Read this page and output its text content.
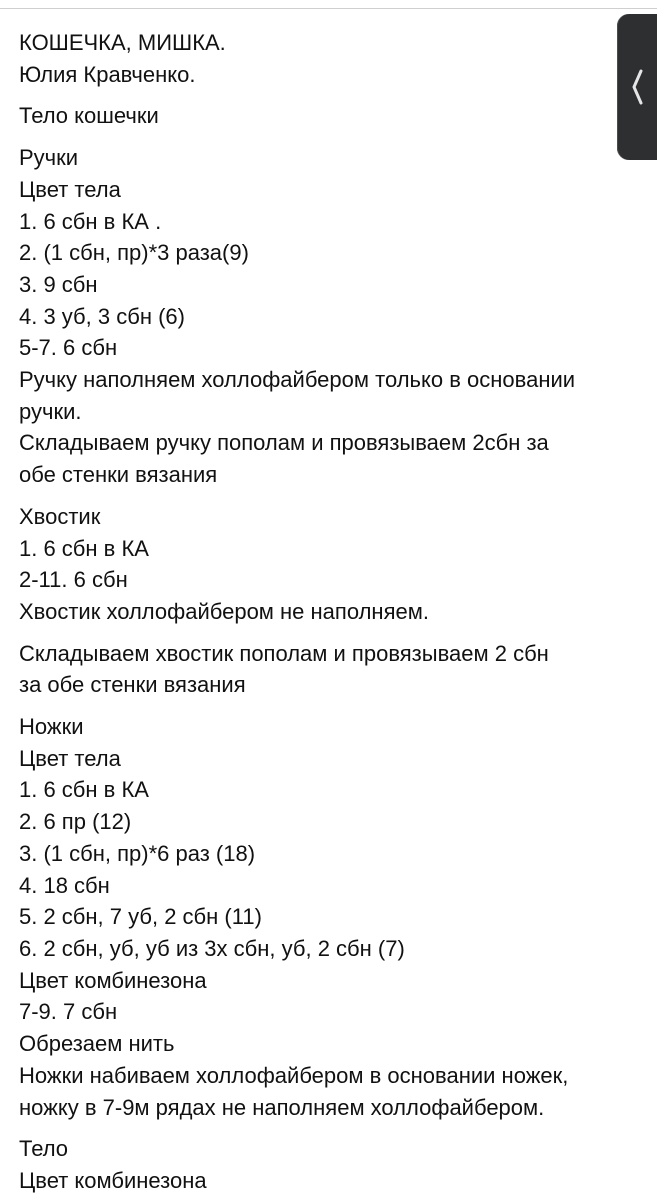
КОШЕЧКА, МИШКА.
Юлия Кравченко.
Тело кошечки
Ручки
Цвет тела
1. 6 сбн в КА .
2. (1 сбн, пр)*3 раза(9)
3. 9 сбн
4. 3 уб, 3 сбн (6)
5-7. 6 сбн
Ручку наполняем холлофайбером только в основании
ручки.
Складываем ручку пополам и провязываем 2сбн за
обе стенки вязания
Хвостик
1. 6 сбн в КА
2-11. 6 сбн
Хвостик холлофайбером не наполняем.
Складываем хвостик пополам и провязываем 2 сбн
за обе стенки вязания
Ножки
Цвет тела
1. 6 сбн в КА
2. 6 пр (12)
3. (1 сбн, пр)*6 раз (18)
4. 18 сбн
5. 2 сбн, 7 уб, 2 сбн (11)
6. 2 сбн, уб, уб из 3х сбн, уб, 2 сбн (7)
Цвет комбинезона
7-9. 7 сбн
Обрезаем нить
Ножки набиваем холлофайбером в основании ножек,
ножку в 7-9м рядах не наполняем холлофайбером.
Тело
Цвет комбинезона
